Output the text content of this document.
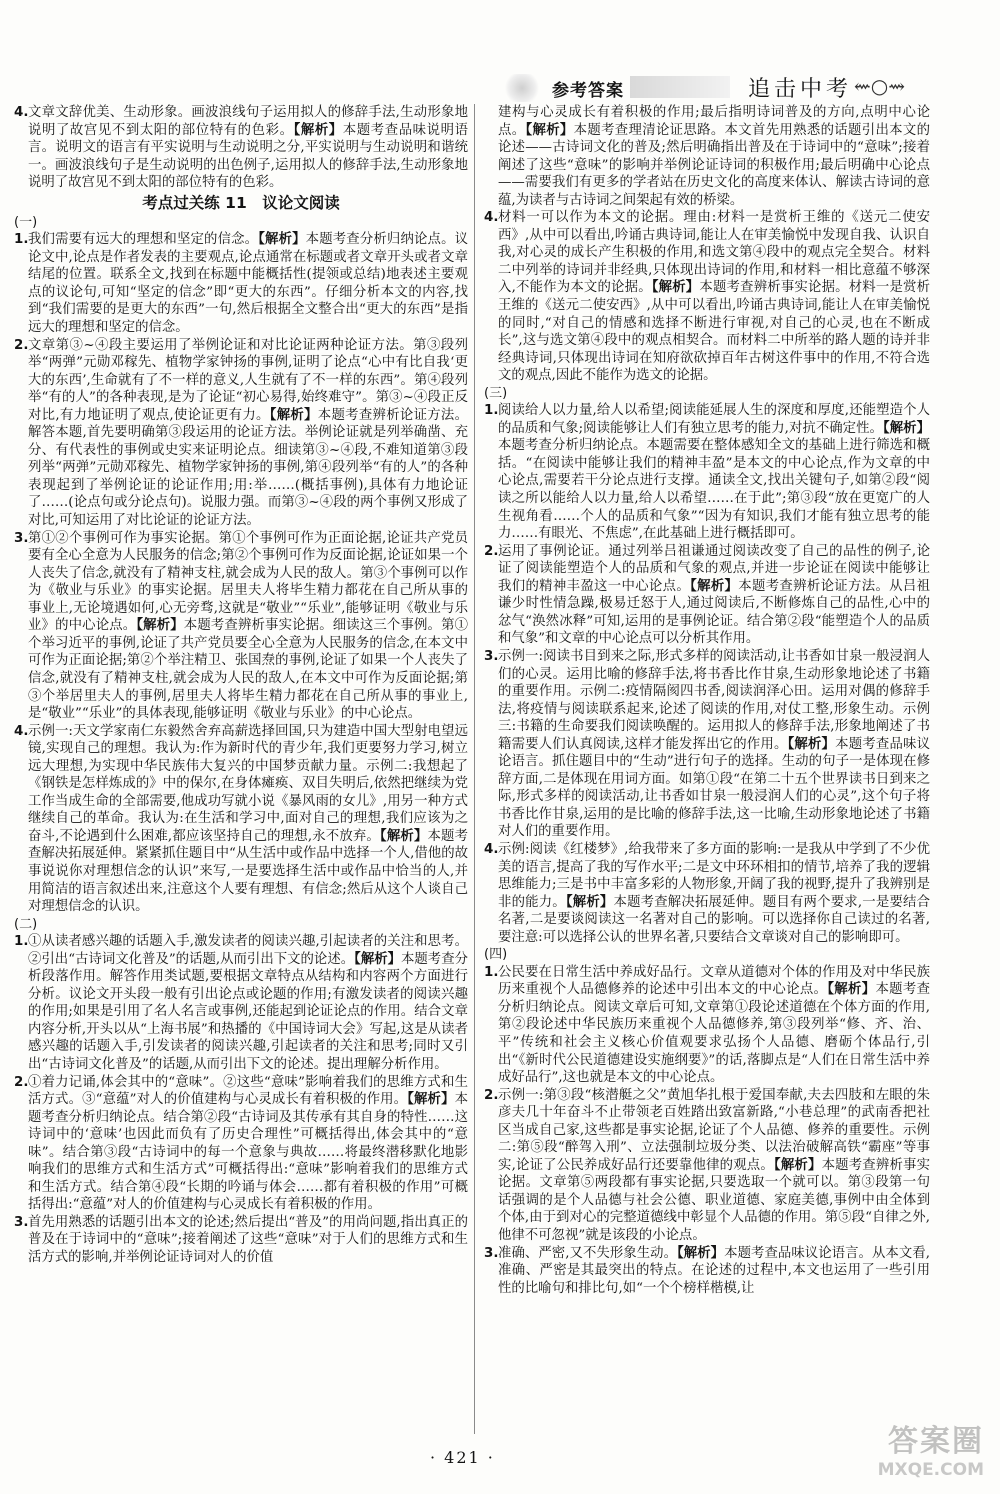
参考答案	追击中考 ⇜○⇝
4. 文章文辞优美、生动形象。画波浪线句子运用拟人的修辞手法,生动形象地说明了故宫见不到太阳的部位特有的色彩。【解析】本题考查品味说明语言。说明文的语言有平实说明与生动说明之分,平实说明与生动说明和谐统一。画波浪线句子是生动说明的出色例子,运用拟人的修辞手法,生动形象地说明了故宫见不到太阳的部位特有的色彩。
考点过关练 11　议论文阅读
(一)
1. 我们需要有远大的理想和坚定的信念。【解析】本题考查分析归纳论点。议论文中,论点是作者发表的主要观点,论点通常在标题或者文章开头或者文章结尾的位置。联系全文,找到在标题中能概括性(提领或总结)地表述主要观点的议论句,可知“坚定的信念”即“更大的东西”。仔细分析本文的内容,找到“我们需要的是更大的东西”一句,然后根据全文整合出“更大的东西”是指远大的理想和坚定的信念。
2. 文章第③~④段主要运用了举例论证和对比论证两种论证方法。第③段列举“两弹”元勋邓稼先、植物学家钟扬的事例,证明了论点“心中有比自我‘更大的东西’,生命就有了不一样的意义,人生就有了不一样的东西”。第④段列举“有的人”的各种表现,是为了论证“初心易得,始终难守”。第③~④段正反对比,有力地证明了观点,使论证更有力。【解析】本题考查辨析论证方法。解答本题,首先要明确第③段运用的论证方法。举例论证就是列举确凿、充分、有代表性的事例或史实来证明论点。细读第③~④段,不难知道第③段列举“两弹”元勋邓稼先、植物学家钟扬的事例,第④段列举“有的人”的各种表现起到了举例论证的论证作用;用:举……(概括事例),具体有力地论证了……(论点句或分论点句)。说服力强。而第③~④段的两个事例又形成了对比,可知运用了对比论证的论证方法。
3. 第①②个事例可作为事实论据。第①个事例可作为正面论据,论证共产党员要有全心全意为人民服务的信念;第②个事例可作为反面论据,论证如果一个人丧失了信念,就没有了精神支柱,就会成为人民的敌人。第③个事例可以作为《敬业与乐业》的事实论据。居里夫人将毕生精力都花在自己所从事的事业上,无论境遇如何,心无旁骛,这就是“敬业”“乐业”,能够证明《敬业与乐业》的中心论点。【解析】本题考查辨析事实论据。细读这三个事例。第①个举习近平的事例,论证了共产党员要全心全意为人民服务的信念,在本文中可作为正面论据;第②个举注精卫、张国焘的事例,论证了如果一个人丧失了信念,就没有了精神支柱,就会成为人民的敌人,在本文中可作为反面论据;第③个举居里夫人的事例,居里夫人将毕生精力都花在自己所从事的事业上,是“敬业”“乐业”的具体表现,能够证明《敬业与乐业》的中心论点。
4. 示例一:天文学家南仁东毅然舍弃高薪选择回国,只为建造中国大型射电望远镜,实现自己的理想。我认为:作为新时代的青少年,我们更要努力学习,树立远大理想,为实现中华民族伟大复兴的中国梦贡献力量。示例二:我想起了《钢铁是怎样炼成的》中的保尔,在身体瘫痪、双目失明后,依然把继续为党工作当成生命的全部需要,他成功写就小说《暴风雨的女儿》,用另一种方式继续自己的革命。我认为:在生活和学习中,面对自己的理想,我们应该为之奋斗,不论遇到什么困难,都应该坚持自己的理想,永不放弃。【解析】本题考查解决拓展延伸。紧紧抓住题目中“从生活中或作品中选择一个人,借他的故事说说你对理想信念的认识”来写,一是要选择生活中或作品中恰当的人,并用简洁的语言叙述出来,注意这个人要有理想、有信念;然后从这个人谈自己对理想信念的认识。
(二)
1. ①从读者感兴趣的话题入手,激发读者的阅读兴趣,引起读者的关注和思考。②引出“古诗词文化普及”的话题,从而引出下文的论述。【解析】本题考查分析段落作用。解答作用类试题,要根据文章特点从结构和内容两个方面进行分析。议论文开头段一般有引出论点或论题的作用;有激发读者的阅读兴趣的作用;如果是引用了名人名言或事例,还能起到论证论点的作用。结合文章内容分析,开头以从“上海书展”和热播的《中国诗词大会》写起,这是从读者感兴趣的话题入手,引发读者的阅读兴趣,引起读者的关注和思考;同时又引出“古诗词文化普及”的话题,从而引出下文的论述。提出理解分析作用。
2. ①着力记诵,体会其中的“意味”。②这些“意味”影响着我们的思维方式和生活方式。③“意蕴”对人的价值建构与心灵成长有着积极的作用。【解析】本题考查分析归纳论点。结合第②段“古诗词及其传承有其自身的特性……这诗词中的‘意味’也因此而负有了历史合理性”可概括得出,体会其中的“意味”。结合第③段“古诗词中的每一个意象与典故……将最终潜移默化地影响我们的思维方式和生活方式”可概括得出:“意味”影响着我们的思维方式和生活方式。结合第④段“长期的吟诵与体会……都有着积极的作用”可概括得出:“意蕴”对人的价值建构与心灵成长有着积极的作用。
3. 首先用熟悉的话题引出本文的论述;然后提出“普及”的用尚问题,指出真正的普及在于诗词中的“意味”;接着阐述了这些“意味”对于人们的思维方式和生活方式的影响,并举例论证诗词对人的价值
建构与心灵成长有着积极的作用;最后指明诗词普及的方向,点明中心论点。【解析】本题考查理清论证思路。本文首先用熟悉的话题引出本文的论述——古诗词文化的普及;然后明确指出普及在于诗词中的“意味”;接着阐述了这些“意味”的影响并举例论证诗词的积极作用;最后明确中心论点——需要我们有更多的学者站在历史文化的高度来体认、解读古诗词的意蕴,为读者与古诗词之间架起有效的桥梁。
4. 材料一可以作为本文的论据。理由:材料一是赏析王维的《送元二使安西》,从中可以看出,吟诵古典诗词,能让人在审美愉悦中发现自我、认识自我,对心灵的成长产生积极的作用,和选文第④段中的观点完全契合。材料二中列举的诗词并非经典,只体现出诗词的作用,和材料一相比意蕴不够深入,不能作为本文的论据。【解析】本题考查辨析事实论据。材料一是赏析王维的《送元二使安西》,从中可以看出,吟诵古典诗词,能让人在审美愉悦的同时,“对自己的情感和选择不断进行审视,对自己的心灵,也在不断成长”,这与选文第④段中的观点相契合。而材料二中所举的路人题的诗并非经典诗词,只体现出诗词在知府欲砍掉百年古树这件事中的作用,不符合选文的观点,因此不能作为选文的论据。
(三)
1. 阅读给人以力量,给人以希望;阅读能延展人生的深度和厚度,还能塑造个人的品质和气象;阅读能够让人们有独立思考的能力,对抗不确定性。【解析】本题考查分析归纳论点。本题需要在整体感知全文的基础上进行筛选和概括。“在阅读中能够让我们的精神丰盈”是本文的中心论点,作为文章的中心论点,需要若干分论点进行支撑。通读全文,找出关键句子,如第②段“阅读之所以能给人以力量,给人以希望……在于此”;第③段“放在更宽广的人生视角看……个人的品质和气象”“因为有知识,我们才能有独立思考的能力……有眼光、不焦虑”,在此基础上进行概括即可。
2. 运用了事例论证。通过列举吕祖谦通过阅读改变了自己的品性的例子,论证了阅读能塑造个人的品质和气象的观点,并进一步论证在阅读中能够让我们的精神丰盈这一中心论点。【解析】本题考查辨析论证方法。从吕祖谦少时性情急躁,极易迁怒于人,通过阅读后,不断修炼自己的品性,心中的忿气“涣然冰释”可知,运用的是事例论证。结合第②段“能塑造个人的品质和气象”和文章的中心论点可以分析其作用。
3. 示例一:阅读书目到来之际,形式多样的阅读活动,让书香如甘泉一般浸润人们的心灵。运用比喻的修辞手法,将书香比作甘泉,生动形象地论述了书籍的重要作用。示例二:疫情隔阂四书香,阅读润泽心田。运用对偶的修辞手法,将疫情与阅读联系起来,论述了阅读的作用,对仗工整,形象生动。示例三:书籍的生命要我们阅读唤醒的。运用拟人的修辞手法,形象地阐述了书籍需要人们认真阅读,这样才能发挥出它的作用。【解析】本题考查品味议论语言。抓住题目中的“生动”进行句子的选择。生动的句子一是体现在修辞方面,二是体现在用词方面。如第①段“在第二十五个世界读书日到来之际,形式多样的阅读活动,让书香如甘泉一般浸润人们的心灵”,这个句子将书香比作甘泉,运用的是比喻的修辞手法,这一比喻,生动形象地论述了书籍对人们的重要作用。
4. 示例:阅读《红楼梦》,给我带来了多方面的影响:一是我从中学到了不少优美的语言,提高了我的写作水平;二是文中环环相扣的情节,培养了我的逻辑思维能力;三是书中丰富多彩的人物形象,开阔了我的视野,提升了我辨别是非的能力。【解析】本题考查解决拓展延伸。题目有两个要求,一是要结合名著,二是要谈阅读这一名著对自己的影响。可以选择你自己读过的名著,要注意:可以选择公认的世界名著,只要结合文章谈对自己的影响即可。
(四)
1. 公民要在日常生活中养成好品行。文章从道德对个体的作用及对中华民族历来重视个人品德修养的论述中引出本文的中心论点。【解析】本题考查分析归纳论点。阅读文章后可知,文章第①段论述道德在个体方面的作用,第②段论述中华民族历来重视个人品德修养,第③段列举“修、齐、治、平”传统和社会主义核心价值观要求弘扬个人品德、磨砺个体品行,引出“《新时代公民道德建设实施纲要》”的话,落脚点是“人们在日常生活中养成好品行”,这也就是本文的中心论点。
2. 示例一:第③段“核潜艇之父”黄旭华扎根于爱国奉献,夫去四肢和左眼的朱彦夫几十年奋斗不止带领老百姓踏出致富新路,“小巷总理”的武南香把社区当成自己家,这些都是事实论据,论证了个人品德、修养的重要性。示例二:第⑤段“醉驾入刑”、立法强制垃圾分类、以法治破解高铁“霸座”等事实,论证了公民养成好品行还要靠他律的观点。【解析】本题考查辨析事实论据。文章第⑤两段都有事实论据,只要选取一个就可以。第③段第一句话强调的是个人品德与社会公德、职业道德、家庭美德,事例中由全体到个体,由于到对心的完整道德线中彰显个人品德的作用。第⑤段“自律之外,他律不可忽视”就是该段的小论点。
3. 准确、严密,又不失形象生动。【解析】本题考查品味议论语言。从本文看,准确、严密是其最突出的特点。在论述的过程中,本文也运用了一些引用性的比喻句和排比句,如“一个个榜样楷模,让
· 421 ·	答案圈
MXQE.COM
